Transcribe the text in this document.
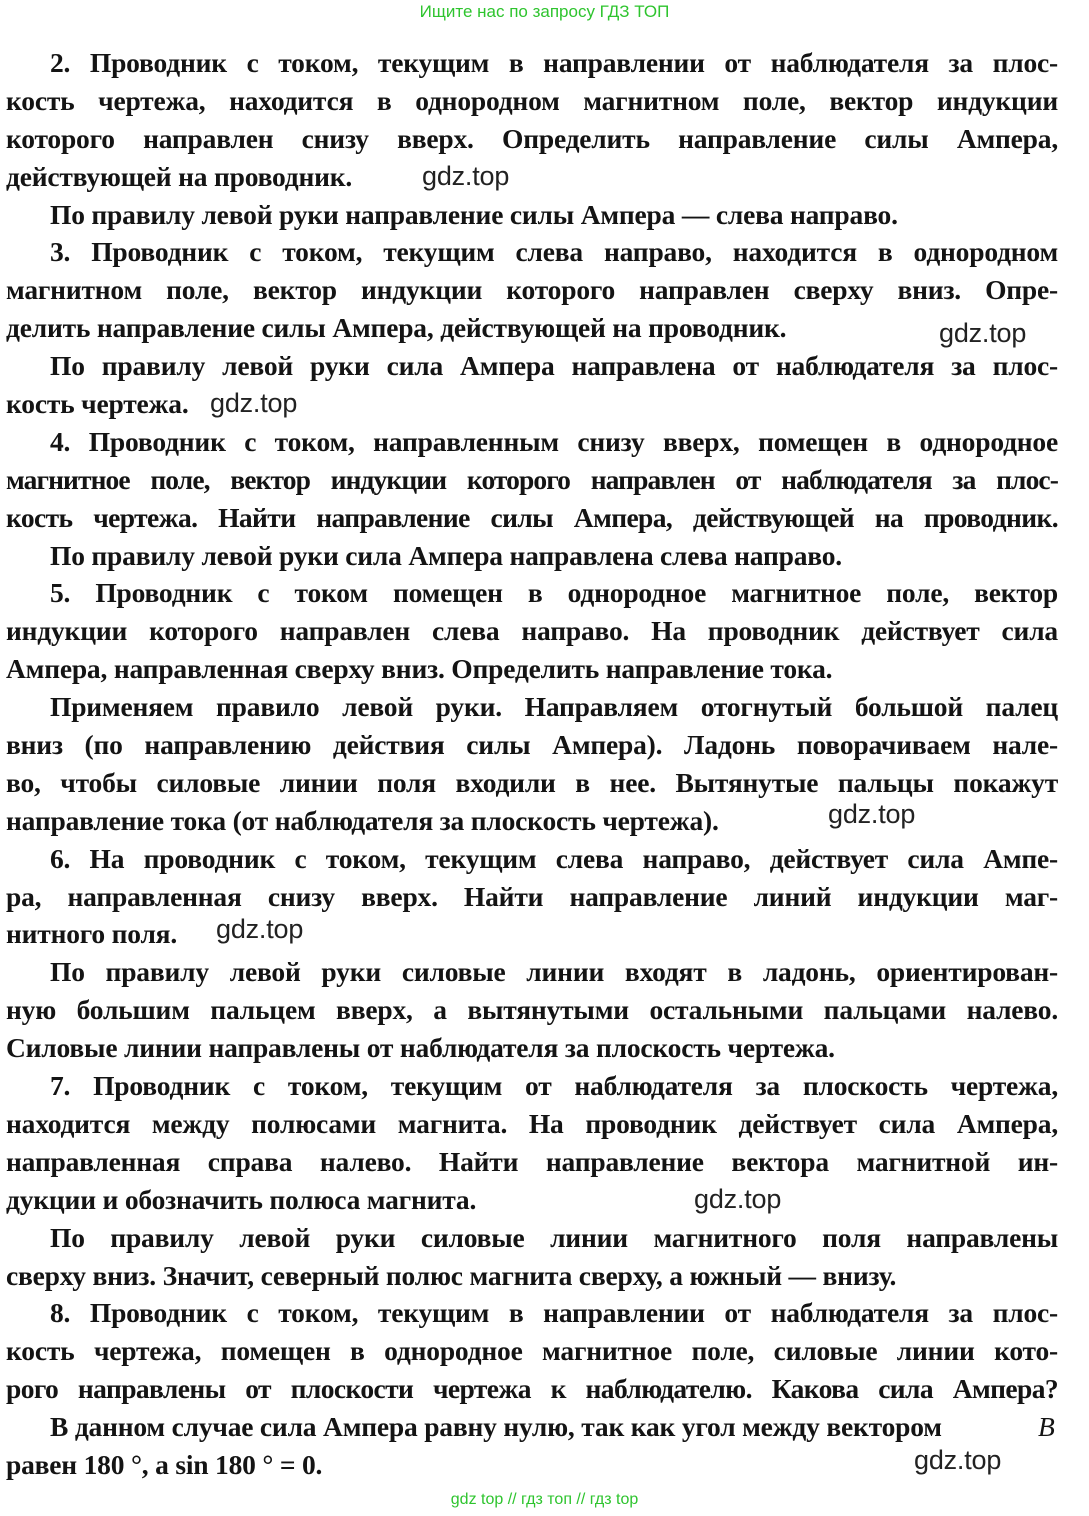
Ищите нас по запросу ГДЗ ТОП
2. Проводник с током, текущим в направлении от наблюдателя за плос-
кость чертежа, находится в однородном магнитном поле, вектор индукции
которого направлен снизу вверх. Определить направление силы Ампера,
действующей на проводник.	gdz.top
По правилу левой руки направление силы Ампера — слева направо.
3. Проводник с током, текущим слева направо, находится в однородном
магнитном поле, вектор индукции которого направлен сверху вниз. Опре-
делить направление силы Ампера, действующей на проводник.	gdz.top
По правилу левой руки сила Ампера направлена от наблюдателя за плос-
кость чертежа. gdz.top
4. Проводник с током, направленным снизу вверх, помещен в однородное
магнитное поле, вектор индукции которого направлен от наблюдателя за плос-
кость чертежа. Найти направление силы Ампера, действующей на проводник.
По правилу левой руки сила Ампера направлена слева направо.
5. Проводник с током помещен в однородное магнитное поле, вектор
индукции которого направлен слева направо. На проводник действует сила
Ампера, направленная сверху вниз. Определить направление тока.
Применяем правило левой руки. Направляем отогнутый большой палец
вниз (по направлению действия силы Ампера). Ладонь поворачиваем нале-
во, чтобы силовые линии поля входили в нее. Вытянутые пальцы покажут
направление тока (от наблюдателя за плоскость чертежа).	gdz.top
6. На проводник с током, текущим слева направо, действует сила Ампе-
ра, направленная снизу вверх. Найти направление линий индукции маг-
нитного поля. gdz.top
По правилу левой руки силовые линии входят в ладонь, ориентирован-
ную большим пальцем вверх, а вытянутыми остальными пальцами налево.
Силовые линии направлены от наблюдателя за плоскость чертежа.
7. Проводник с током, текущим от наблюдателя за плоскость чертежа,
находится между полюсами магнита. На проводник действует сила Ампера,
направленная справа налево. Найти направление вектора магнитной ин-
дукции и обозначить полюса магнита.	gdz.top
По правилу левой руки силовые линии магнитного поля направлены
сверху вниз. Значит, северный полюс магнита сверху, а южный — внизу.
8. Проводник с током, текущим в направлении от наблюдателя за плос-
кость чертежа, помещен в однородное магнитное поле, силовые линии кото-
рого направлены от плоскости чертежа к наблюдателю. Какова сила Ампера?
В данном случае сила Ампера равну нулю, так как угол между вектором	B
равен 180 °, а sin 180 ° = 0.	gdz.top
gdz top // гдз топ // гдз top
